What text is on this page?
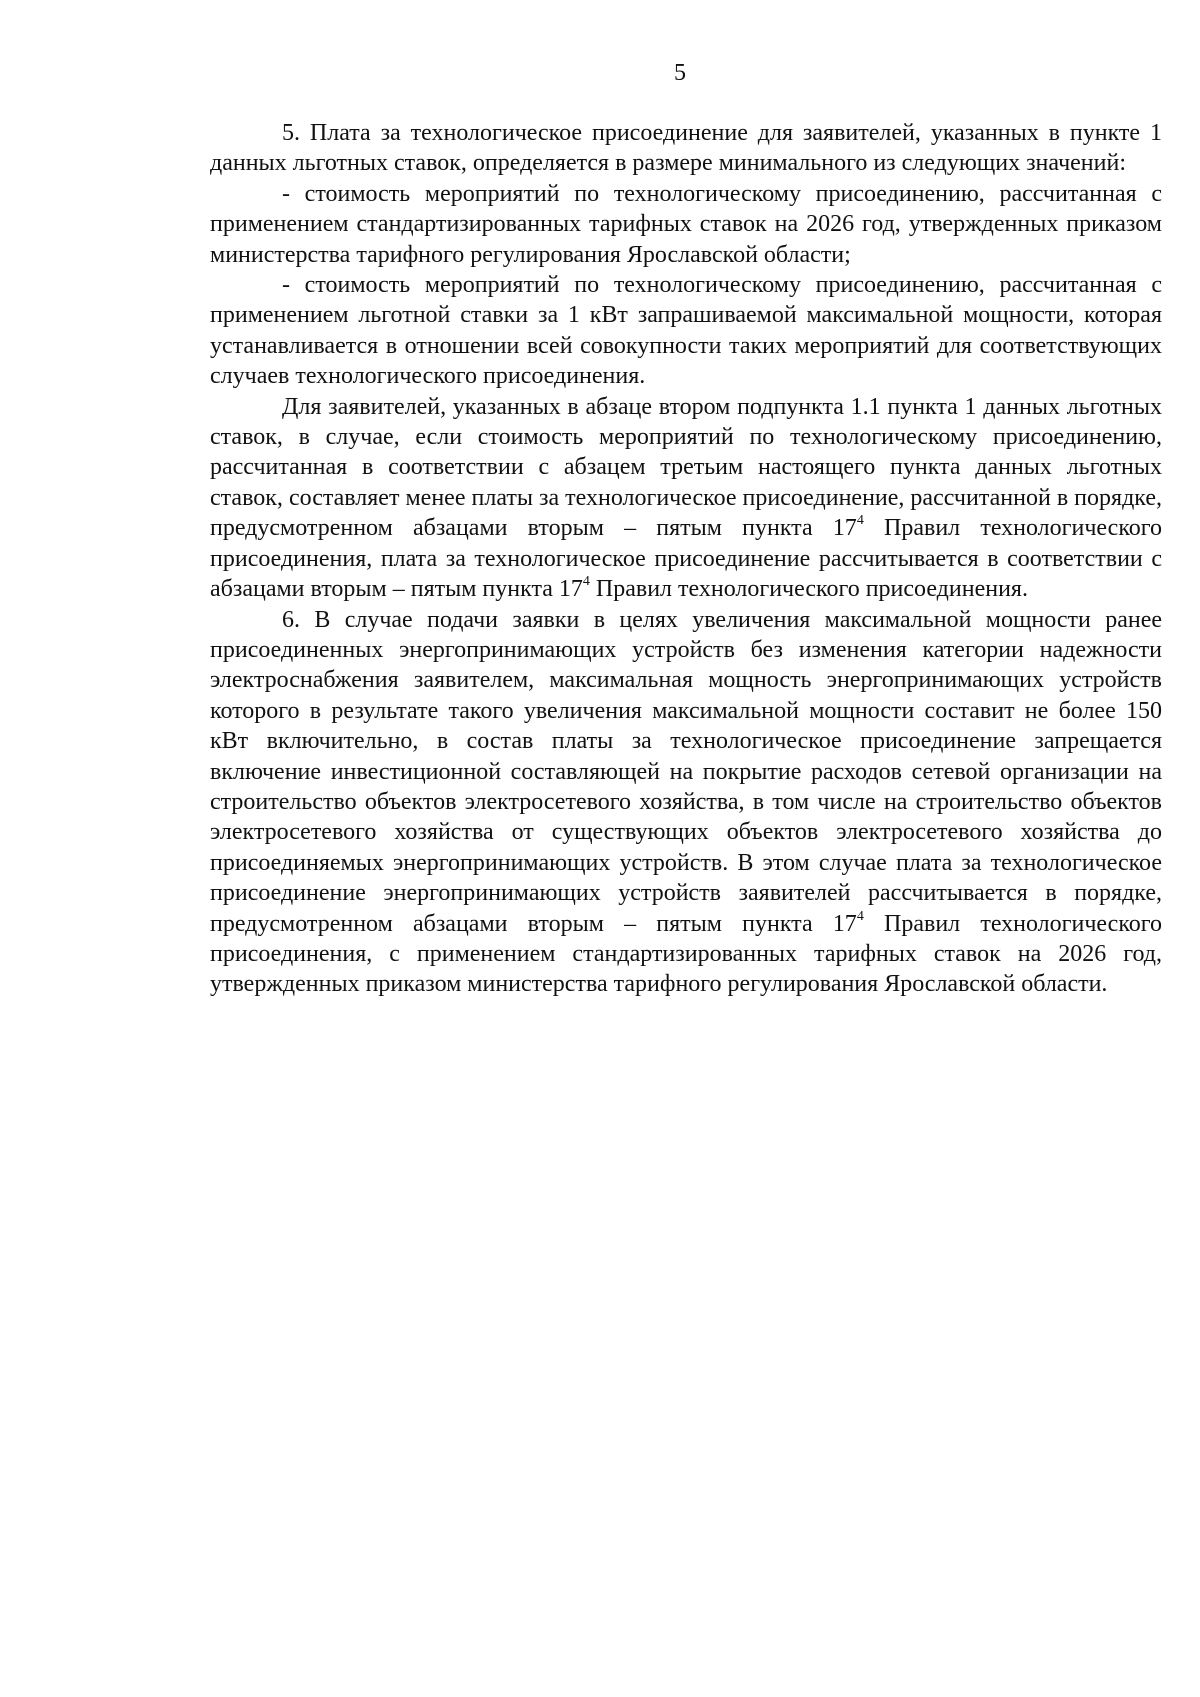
5

5. Плата за технологическое присоединение для заявителей, указанных в пункте 1 данных льготных ставок, определяется в размере минимального из следующих значений:

- стоимость мероприятий по технологическому присоединению, рассчитанная с применением стандартизированных тарифных ставок на 2026 год, утвержденных приказом министерства тарифного регулирования Ярославской области;

- стоимость мероприятий по технологическому присоединению, рассчитанная с применением льготной ставки за 1 кВт запрашиваемой максимальной мощности, которая устанавливается в отношении всей совокупности таких мероприятий для соответствующих случаев технологического присоединения.

Для заявителей, указанных в абзаце втором подпункта 1.1 пункта 1 данных льготных ставок, в случае, если стоимость мероприятий по технологическому присоединению, рассчитанная в соответствии с абзацем третьим настоящего пункта данных льготных ставок, составляет менее платы за технологическое присоединение, рассчитанной в порядке, предусмотренном абзацами вторым – пятым пункта $17^4$ Правил технологического присоединения, плата за технологическое присоединение рассчитывается в соответствии с абзацами вторым – пятым пункта $17^4$ Правил технологического присоединения.

6. В случае подачи заявки в целях увеличения максимальной мощности ранее присоединенных энергопринимающих устройств без изменения категории надежности электроснабжения заявителем, максимальная мощность энергопринимающих устройств которого в результате такого увеличения максимальной мощности составит не более 150 кВт включительно, в состав платы за технологическое присоединение запрещается включение инвестиционной составляющей на покрытие расходов сетевой организации на строительство объектов электросетевого хозяйства, в том числе на строительство объектов электросетевого хозяйства от существующих объектов электросетевого хозяйства до присоединяемых энергопринимающих устройств. В этом случае плата за технологическое присоединение энергопринимающих устройств заявителей рассчитывается в порядке, предусмотренном абзацами вторым – пятым пункта $17^4$ Правил технологического присоединения, с применением стандартизированных тарифных ставок на 2026 год, утвержденных приказом министерства тарифного регулирования Ярославской области.
